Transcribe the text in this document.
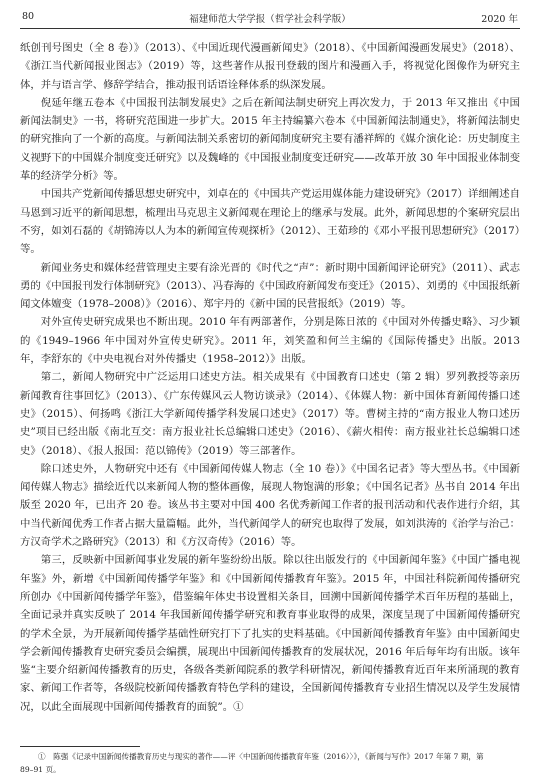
80	福建师范大学学报（哲学社会科学版）	2020 年

纸创刊号图史（全 8 卷）》（2013）、《中国近现代漫画新闻史》（2018）、《中国新闻漫画发展史》（2018）、《浙江当代新闻报业图志》（2019）等，这些著作从报刊登载的图片和漫画入手，将视觉化图像作为研究主体，并与语言学、修辞学结合，推动报刊话语诠释体系的纵深发展。

倪延年继五卷本《中国报刊法制发展史》之后在新闻法制史研究上再次发力，于 2013 年又推出《中国新闻法制史》一书，将研究范围进一步扩大。2015 年主持编纂六卷本《中国新闻法制通史》，将新闻法制史的研究推向了一个新的高度。与新闻法制关系密切的新闻制度研究主要有潘祥辉的《媒介演化论：历史制度主义视野下的中国媒介制度变迁研究》以及魏峰的《中国报业制度变迁研究——改革开放 30 年中国报业体制变革的经济学分析》等。

中国共产党新闻传播思想史研究中，刘卓在的《中国共产党运用媒体能力建设研究》（2017）详细阐述自马恩到习近平的新闻思想，梳理出马克思主义新闻观在理论上的继承与发展。此外，新闻思想的个案研究层出不穷，如刘石磊的《胡锦涛以人为本的新闻宣传观探析》（2012）、王茹珍的《邓小平报刊思想研究》（2017）等。

新闻业务史和媒体经营管理史主要有涂光晋的《时代之“声”：新时期中国新闻评论研究》（2011）、武志勇的《中国报刊发行体制研究》（2013）、冯春海的《中国政府新闻发布变迁》（2015）、刘勇的《中国报纸新闻文体嬗变（1978–2008）》（2016）、郑宇丹的《新中国的民营报纸》（2019）等。

对外宣传史研究成果也不断出现。2010 年有两部著作，分别是陈日浓的《中国对外传播史略》、习少颖的《1949–1966 年中国对外宣传史研究》。2011 年，刘笑盈和何兰主编的《国际传播史》出版。2013 年，李舒东的《中央电视台对外传播史（1958–2012）》出版。

第二，新闻人物研究中广泛运用口述史方法。相关成果有《中国教育口述史（第 2 辑）罗列教授等亲历新闻教育往事回忆》（2013）、《广东传媒风云人物访谈录》（2014）、《体媒人物：新中国体育新闻传播口述史》（2015）、何扬鸣《浙江大学新闻传播学科发展口述史》（2017）等。曹树主持的“南方报业人物口述历史”项目已经出版《南北互交：南方报业社长总编辑口述史》（2016）、《薪火相传：南方报业社长总编辑口述史》（2018）、《报人报国：范以锦传》（2019）等三部著作。

除口述史外，人物研究中还有《中国新闻传媒人物志（全 10 卷）》《中国名记者》等大型丛书。《中国新闻传媒人物志》描绘近代以来新闻人物的整体画像，展现人物饱满的形象；《中国名记者》丛书自 2014 年出版至 2020 年，已出齐 20 卷。该丛书主要对中国 400 名优秀新闻工作者的报刊活动和代表作进行介绍，其中当代新闻优秀工作者占据大量篇幅。此外，当代新闻学人的研究也取得了发展，如刘洪涛的《治学与治己：方汉奇学术之路研究》（2013）和《方汉奇传》（2016）等。

第三，反映新中国新闻事业发展的新年鉴纷纷出版。除以往出版发行的《中国新闻年鉴》《中国广播电视年鉴》外，新增《中国新闻传播学年鉴》和《中国新闻传播教育年鉴》。2015 年，中国社科院新闻传播研究所创办《中国新闻传播学年鉴》，借鉴编年体史书设置相关条目，回溯中国新闻传播学术百年历程的基础上，全面记录并真实反映了 2014 年我国新闻传播学研究和教育事业取得的成果，深度呈现了中国新闻传播研究的学术全景，为开展新闻传播学基础性研究打下了扎实的史料基础。《中国新闻传播教育年鉴》由中国新闻史学会新闻传播教育史研究委员会编撰，展现出中国新闻传播教育的发展状况，2016 年后每年均有出版。该年鉴“主要介绍新闻传播教育的历史，各级各类新闻院系的教学科研情况，新闻传播教育近百年来所涌现的教育家、新闻工作者等，各级院校新闻传播教育特色学科的建设，全国新闻传播教育专业招生情况以及学生发展情况，以此全面展现中国新闻传播教育的面貌”。①

①　陈强《记录中国新闻传播教育历史与现实的著作——评〈中国新闻传播教育年鉴（2016）〉》，《新闻与写作》2017 年第 7 期，第
89–91 页。
